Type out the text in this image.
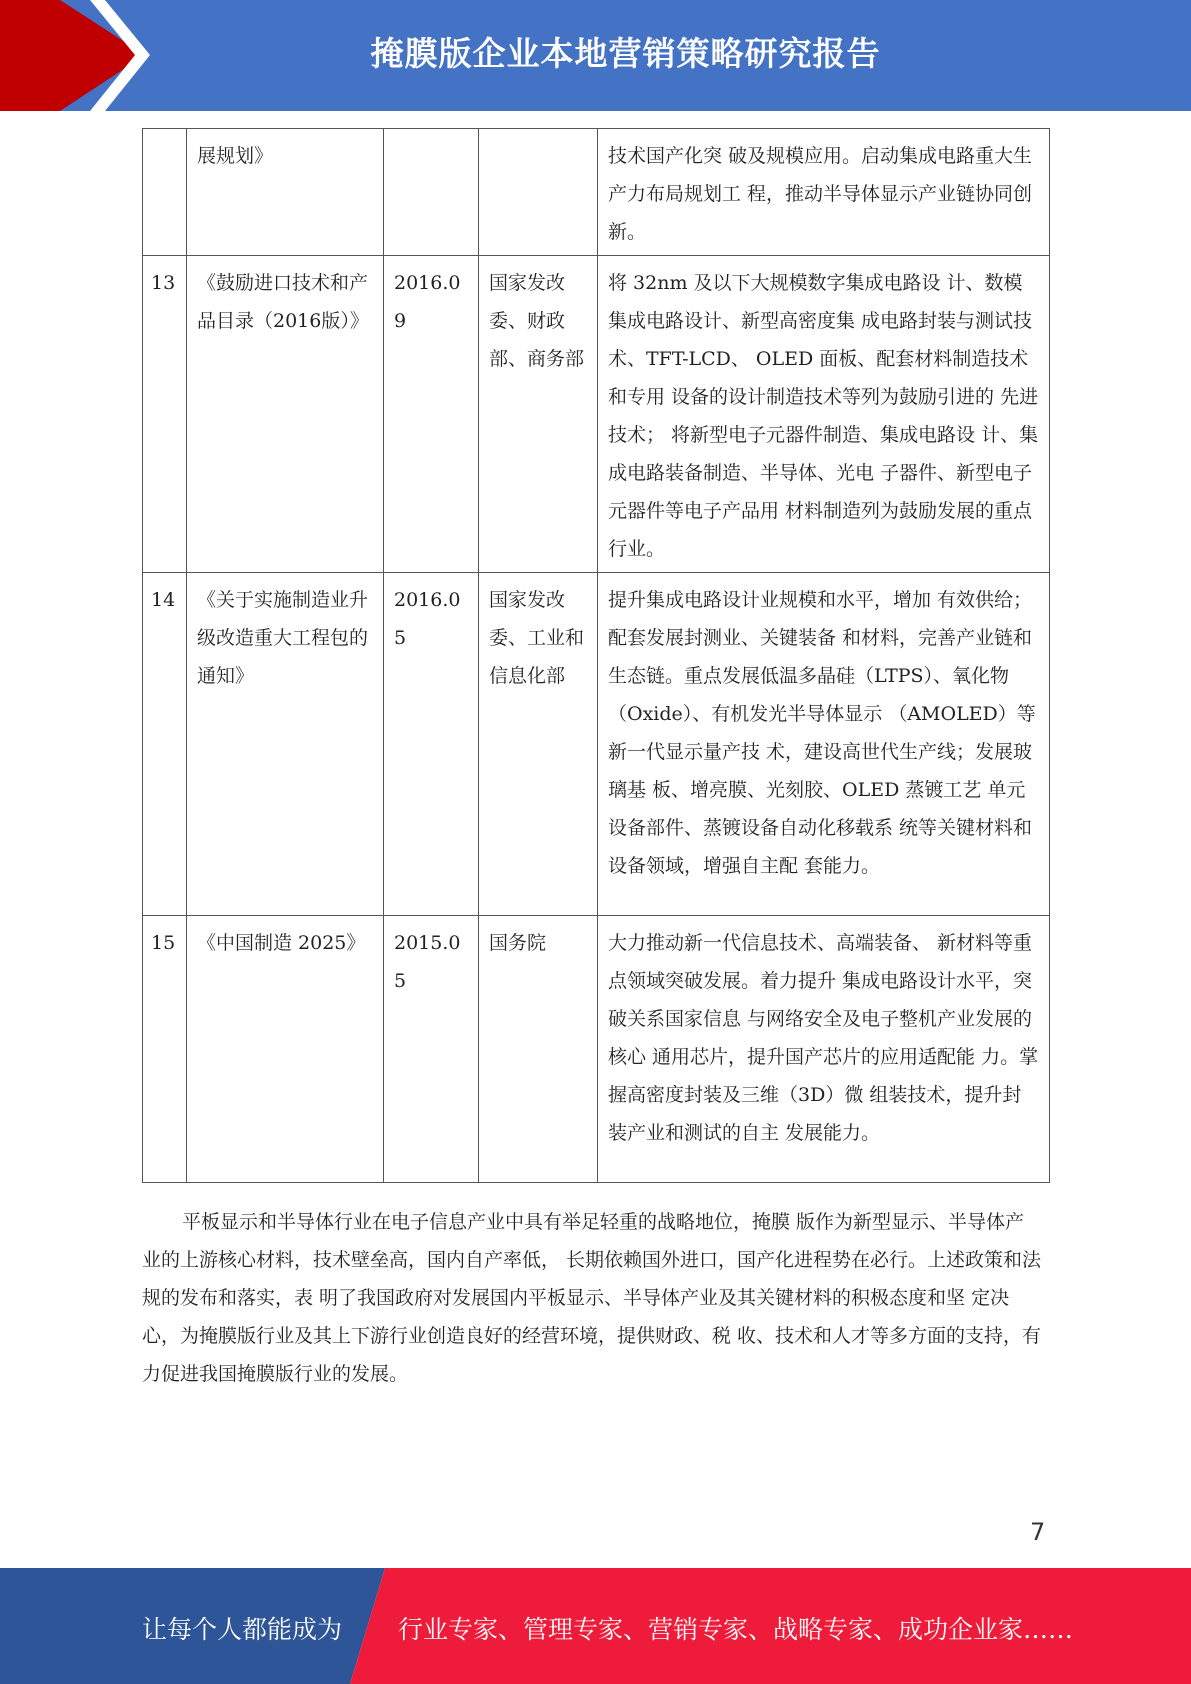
掩膜版企业本地营销策略研究报告
	展规划》			技术国产化突 破及规模应用。启动集成电路重大生产力布局规划工 程，推动半导体显示产业链协同创新。
13	《鼓励进口技术和产品目录（2016版）》	2016.09	国家发改委、财政部、商务部	将 32nm 及以下大规模数字集成电路设 计、数模集成电路设计、新型高密度集 成电路封装与测试技术、TFT-LCD、 OLED 面板、配套材料制造技术和专用 设备的设计制造技术等列为鼓励引进的 先进技术； 将新型电子元器件制造、集成电路设 计、集成电路装备制造、半导体、光电 子器件、新型电子元器件等电子产品用 材料制造列为鼓励发展的重点行业。
14	《关于实施制造业升级改造重大工程包的通知》	2016.05	国家发改委、工业和信息化部	提升集成电路设计业规模和水平，增加 有效供给；配套发展封测业、关键装备 和材料，完善产业链和生态链。重点发展低温多晶硅（LTPS）、氧化物 （Oxide）、有机发光半导体显示 （AMOLED）等新一代显示量产技 术，建设高世代生产线；发展玻璃基 板、增亮膜、光刻胶、OLED 蒸镀工艺 单元设备部件、蒸镀设备自动化移载系 统等关键材料和设备领域，增强自主配 套能力。
15	《中国制造 2025》	2015.05	国务院	大力推动新一代信息技术、高端装备、 新材料等重点领域突破发展。着力提升 集成电路设计水平，突破关系国家信息 与网络安全及电子整机产业发展的核心 通用芯片，提升国产芯片的应用适配能 力。掌握高密度封装及三维（3D）微 组装技术，提升封装产业和测试的自主 发展能力。

平板显示和半导体行业在电子信息产业中具有举足轻重的战略地位，掩膜 版作为新型显示、半导体产业的上游核心材料，技术壁垒高，国内自产率低， 长期依赖国外进口，国产化进程势在必行。上述政策和法规的发布和落实，表 明了我国政府对发展国内平板显示、半导体产业及其关键材料的积极态度和坚 定决心，为掩膜版行业及其上下游行业创造良好的经营环境，提供财政、税 收、技术和人才等多方面的支持，有力促进我国掩膜版行业的发展。

7
让每个人都能成为 行业专家、管理专家、营销专家、战略专家、成功企业家……
